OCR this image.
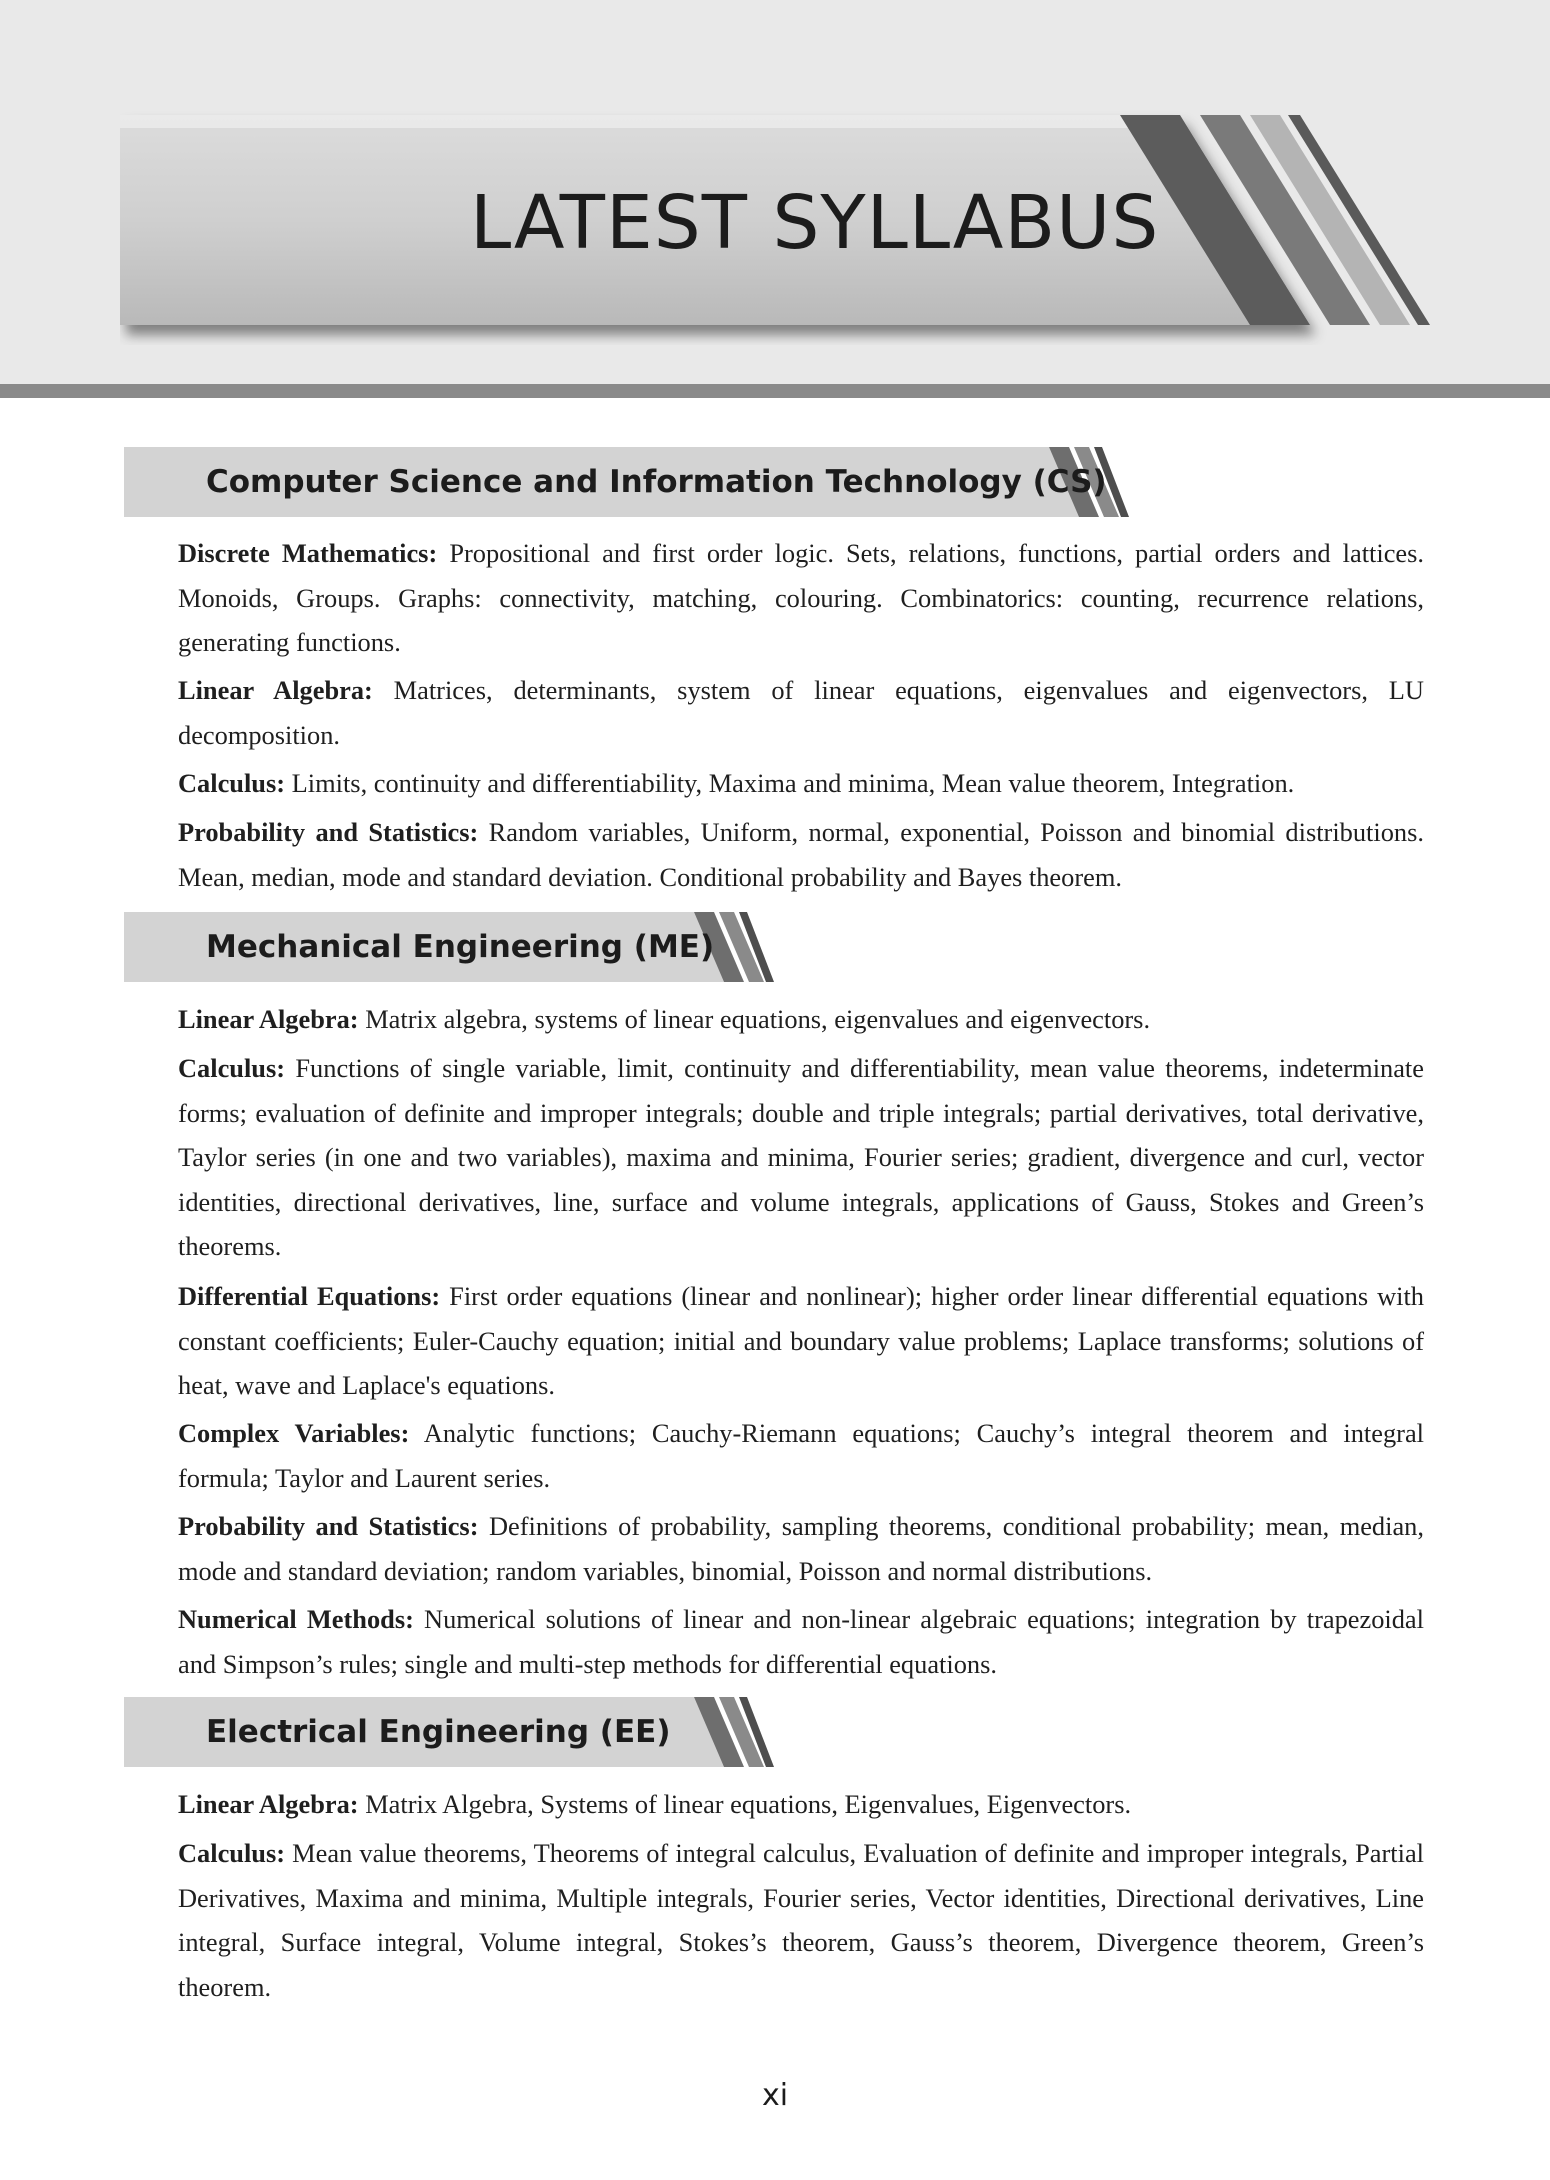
LATEST SYLLABUS
Computer Science and Information Technology (CS)

Discrete Mathematics: Propositional and first order logic. Sets, relations, functions, partial orders and lattices. Monoids, Groups. Graphs: connectivity, matching, colouring. Combinatorics: counting, recurrence relations, generating functions.

Linear Algebra: Matrices, determinants, system of linear equations, eigenvalues and eigenvectors, LU decomposition.

Calculus: Limits, continuity and differentiability, Maxima and minima, Mean value theorem, Integration.

Probability and Statistics: Random variables, Uniform, normal, exponential, Poisson and binomial distributions. Mean, median, mode and standard deviation. Conditional probability and Bayes theorem.

Mechanical Engineering (ME)

Linear Algebra: Matrix algebra, systems of linear equations, eigenvalues and eigenvectors.

Calculus: Functions of single variable, limit, continuity and differentiability, mean value theorems, indeterminate forms; evaluation of definite and improper integrals; double and triple integrals; partial derivatives, total derivative, Taylor series (in one and two variables), maxima and minima, Fourier series; gradient, divergence and curl, vector identities, directional derivatives, line, surface and volume integrals, applications of Gauss, Stokes and Green’s theorems.

Differential Equations: First order equations (linear and nonlinear); higher order linear differential equations with constant coefficients; Euler-Cauchy equation; initial and boundary value problems; Laplace transforms; solutions of heat, wave and Laplace's equations.

Complex Variables: Analytic functions; Cauchy-Riemann equations; Cauchy’s integral theorem and integral formula; Taylor and Laurent series.

Probability and Statistics: Definitions of probability, sampling theorems, conditional probability; mean, median, mode and standard deviation; random variables, binomial, Poisson and normal distributions.

Numerical Methods: Numerical solutions of linear and non-linear algebraic equations; integration by trapezoidal and Simpson’s rules; single and multi-step methods for differential equations.

Electrical Engineering (EE)

Linear Algebra: Matrix Algebra, Systems of linear equations, Eigenvalues, Eigenvectors.

Calculus: Mean value theorems, Theorems of integral calculus, Evaluation of definite and improper integrals, Partial Derivatives, Maxima and minima, Multiple integrals, Fourier series, Vector identities, Directional derivatives, Line integral, Surface integral, Volume integral, Stokes’s theorem, Gauss’s theorem, Divergence theorem, Green’s theorem.

xi
